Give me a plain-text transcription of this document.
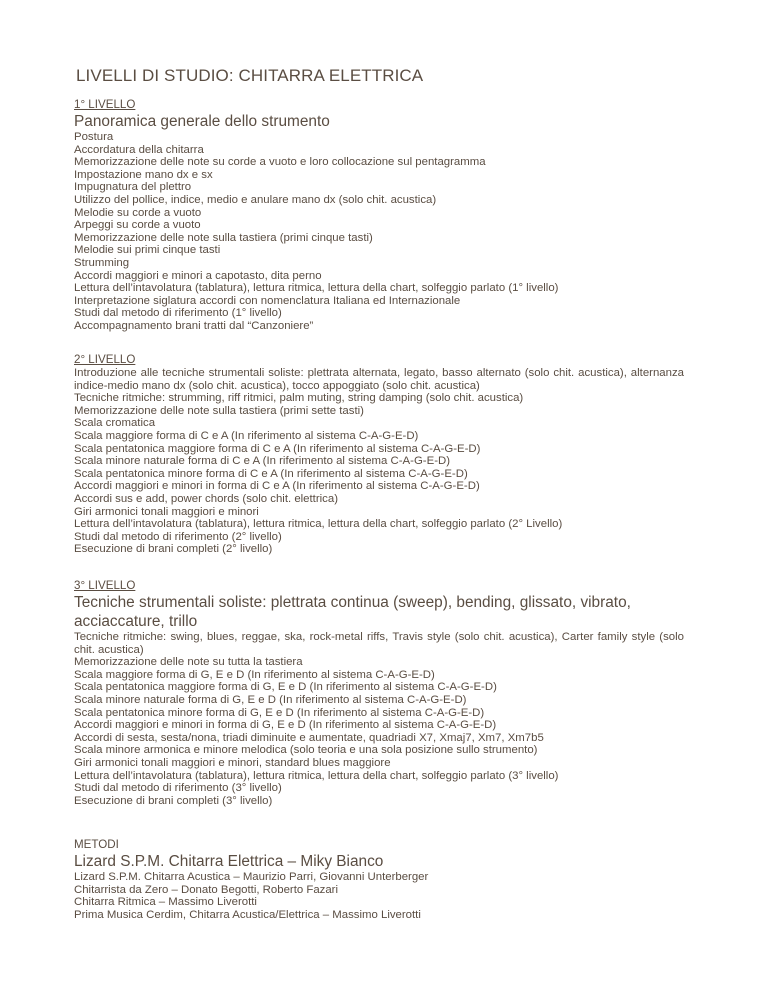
LIVELLI DI STUDIO: CHITARRA ELETTRICA
1° LIVELLO
Panoramica generale dello strumento
Postura
Accordatura della chitarra
Memorizzazione delle note su corde a vuoto e loro collocazione sul pentagramma
Impostazione mano dx e sx
Impugnatura del plettro
Utilizzo del pollice, indice, medio e anulare mano dx (solo chit. acustica)
Melodie su corde a vuoto
Arpeggi su corde a vuoto
Memorizzazione delle note sulla tastiera (primi cinque tasti)
Melodie sui primi cinque tasti
Strumming
Accordi maggiori e minori a capotasto, dita perno
Lettura dell’intavolatura (tablatura), lettura ritmica, lettura della chart, solfeggio parlato (1° livello)
Interpretazione siglatura accordi con nomenclatura Italiana ed Internazionale
Studi dal metodo di riferimento (1° livello)
Accompagnamento brani tratti dal “Canzoniere”
2° LIVELLO
Introduzione alle tecniche strumentali soliste: plettrata alternata, legato, basso alternato (solo chit. acustica), alternanza indice-medio mano dx (solo chit. acustica), tocco appoggiato (solo chit. acustica)
Tecniche ritmiche: strumming, riff ritmici, palm muting, string damping (solo chit. acustica)
Memorizzazione delle note sulla tastiera (primi sette tasti)
Scala cromatica
Scala maggiore forma di C e A (In riferimento al sistema C-A-G-E-D)
Scala pentatonica maggiore forma di C e A (In riferimento al sistema C-A-G-E-D)
Scala minore naturale forma di C e A (In riferimento al sistema C-A-G-E-D)
Scala pentatonica minore forma di C e A (In riferimento al sistema C-A-G-E-D)
Accordi maggiori e minori in forma di C e A (In riferimento al sistema C-A-G-E-D)
Accordi sus e add, power chords (solo chit. elettrica)
Giri armonici tonali maggiori e minori
Lettura dell’intavolatura (tablatura), lettura ritmica, lettura della chart, solfeggio parlato (2° Livello)
Studi dal metodo di riferimento (2° livello)
Esecuzione di brani completi (2° livello)
3° LIVELLO
Tecniche strumentali soliste: plettrata continua (sweep), bending, glissato, vibrato, acciaccature, trillo
Tecniche ritmiche: swing, blues, reggae, ska, rock-metal riffs, Travis style (solo chit. acustica), Carter family style (solo chit. acustica)
Memorizzazione delle note su tutta la tastiera
Scala maggiore forma di G, E e D (In riferimento al sistema C-A-G-E-D)
Scala pentatonica maggiore forma di G, E e D (In riferimento al sistema C-A-G-E-D)
Scala minore naturale forma di G, E e D (In riferimento al sistema C-A-G-E-D)
Scala pentatonica minore forma di G, E e D (In riferimento al sistema C-A-G-E-D)
Accordi maggiori e minori in forma di G, E e D (In riferimento al sistema C-A-G-E-D)
Accordi di sesta, sesta/nona, triadi diminuite e aumentate, quadriadi X7, Xmaj7, Xm7, Xm7b5
Scala minore armonica e minore melodica (solo teoria e una sola posizione sullo strumento)
Giri armonici tonali maggiori e minori, standard blues maggiore
Lettura dell’intavolatura (tablatura), lettura ritmica, lettura della chart, solfeggio parlato (3° livello)
Studi dal metodo di riferimento (3° livello)
Esecuzione di brani completi (3° livello)
METODI
Lizard S.P.M. Chitarra Elettrica – Miky Bianco
Lizard S.P.M. Chitarra Acustica – Maurizio Parri, Giovanni Unterberger
Chitarrista da Zero – Donato Begotti, Roberto Fazari
Chitarra Ritmica – Massimo Liverotti
Prima Musica Cerdim, Chitarra Acustica/Elettrica – Massimo Liverotti
